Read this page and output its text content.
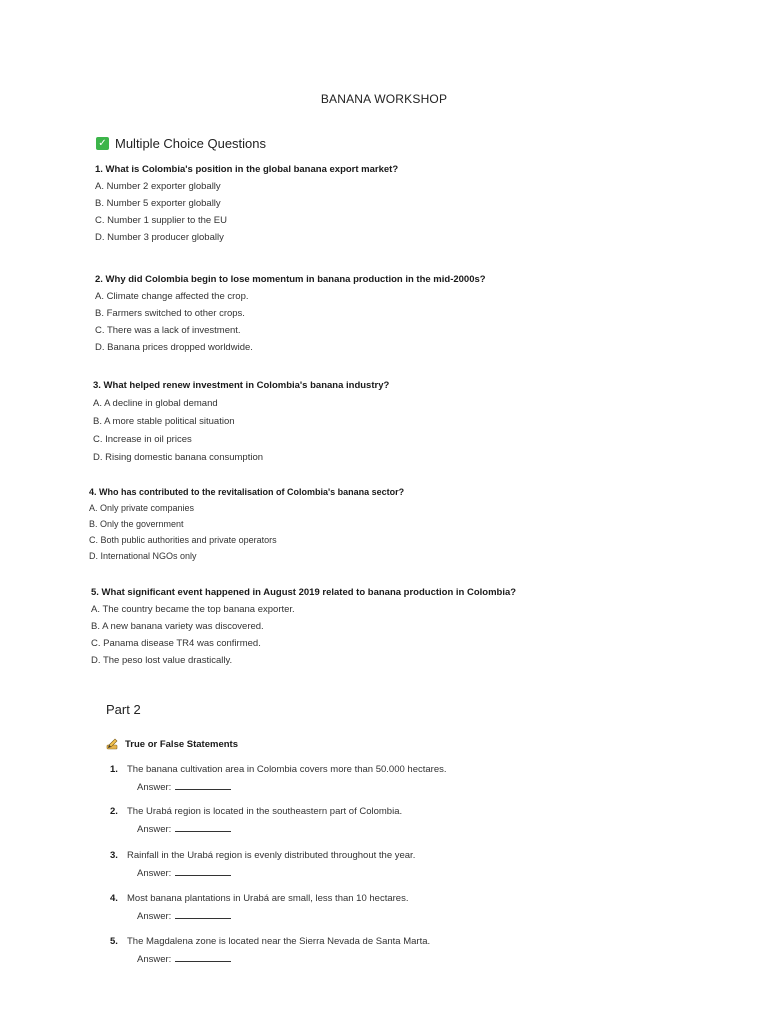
BANANA WORKSHOP
✓ Multiple Choice Questions
1. What is Colombia's position in the global banana export market?
A. Number 2 exporter globally
B. Number 5 exporter globally
C. Number 1 supplier to the EU
D. Number 3 producer globally
2. Why did Colombia begin to lose momentum in banana production in the mid-2000s?
A. Climate change affected the crop.
B. Farmers switched to other crops.
C. There was a lack of investment.
D. Banana prices dropped worldwide.
3. What helped renew investment in Colombia's banana industry?
A. A decline in global demand
B. A more stable political situation
C. Increase in oil prices
D. Rising domestic banana consumption
4. Who has contributed to the revitalisation of Colombia's banana sector?
A. Only private companies
B. Only the government
C. Both public authorities and private operators
D. International NGOs only
5. What significant event happened in August 2019 related to banana production in Colombia?
A. The country became the top banana exporter.
B. A new banana variety was discovered.
C. Panama disease TR4 was confirmed.
D. The peso lost value drastically.
Part 2
True or False Statements
1. The banana cultivation area in Colombia covers more than 50.000 hectares.
Answer:
2. The Urabá region is located in the southeastern part of Colombia.
Answer:
3. Rainfall in the Urabá region is evenly distributed throughout the year.
Answer:
4. Most banana plantations in Urabá are small, less than 10 hectares.
Answer:
5. The Magdalena zone is located near the Sierra Nevada de Santa Marta.
Answer:
